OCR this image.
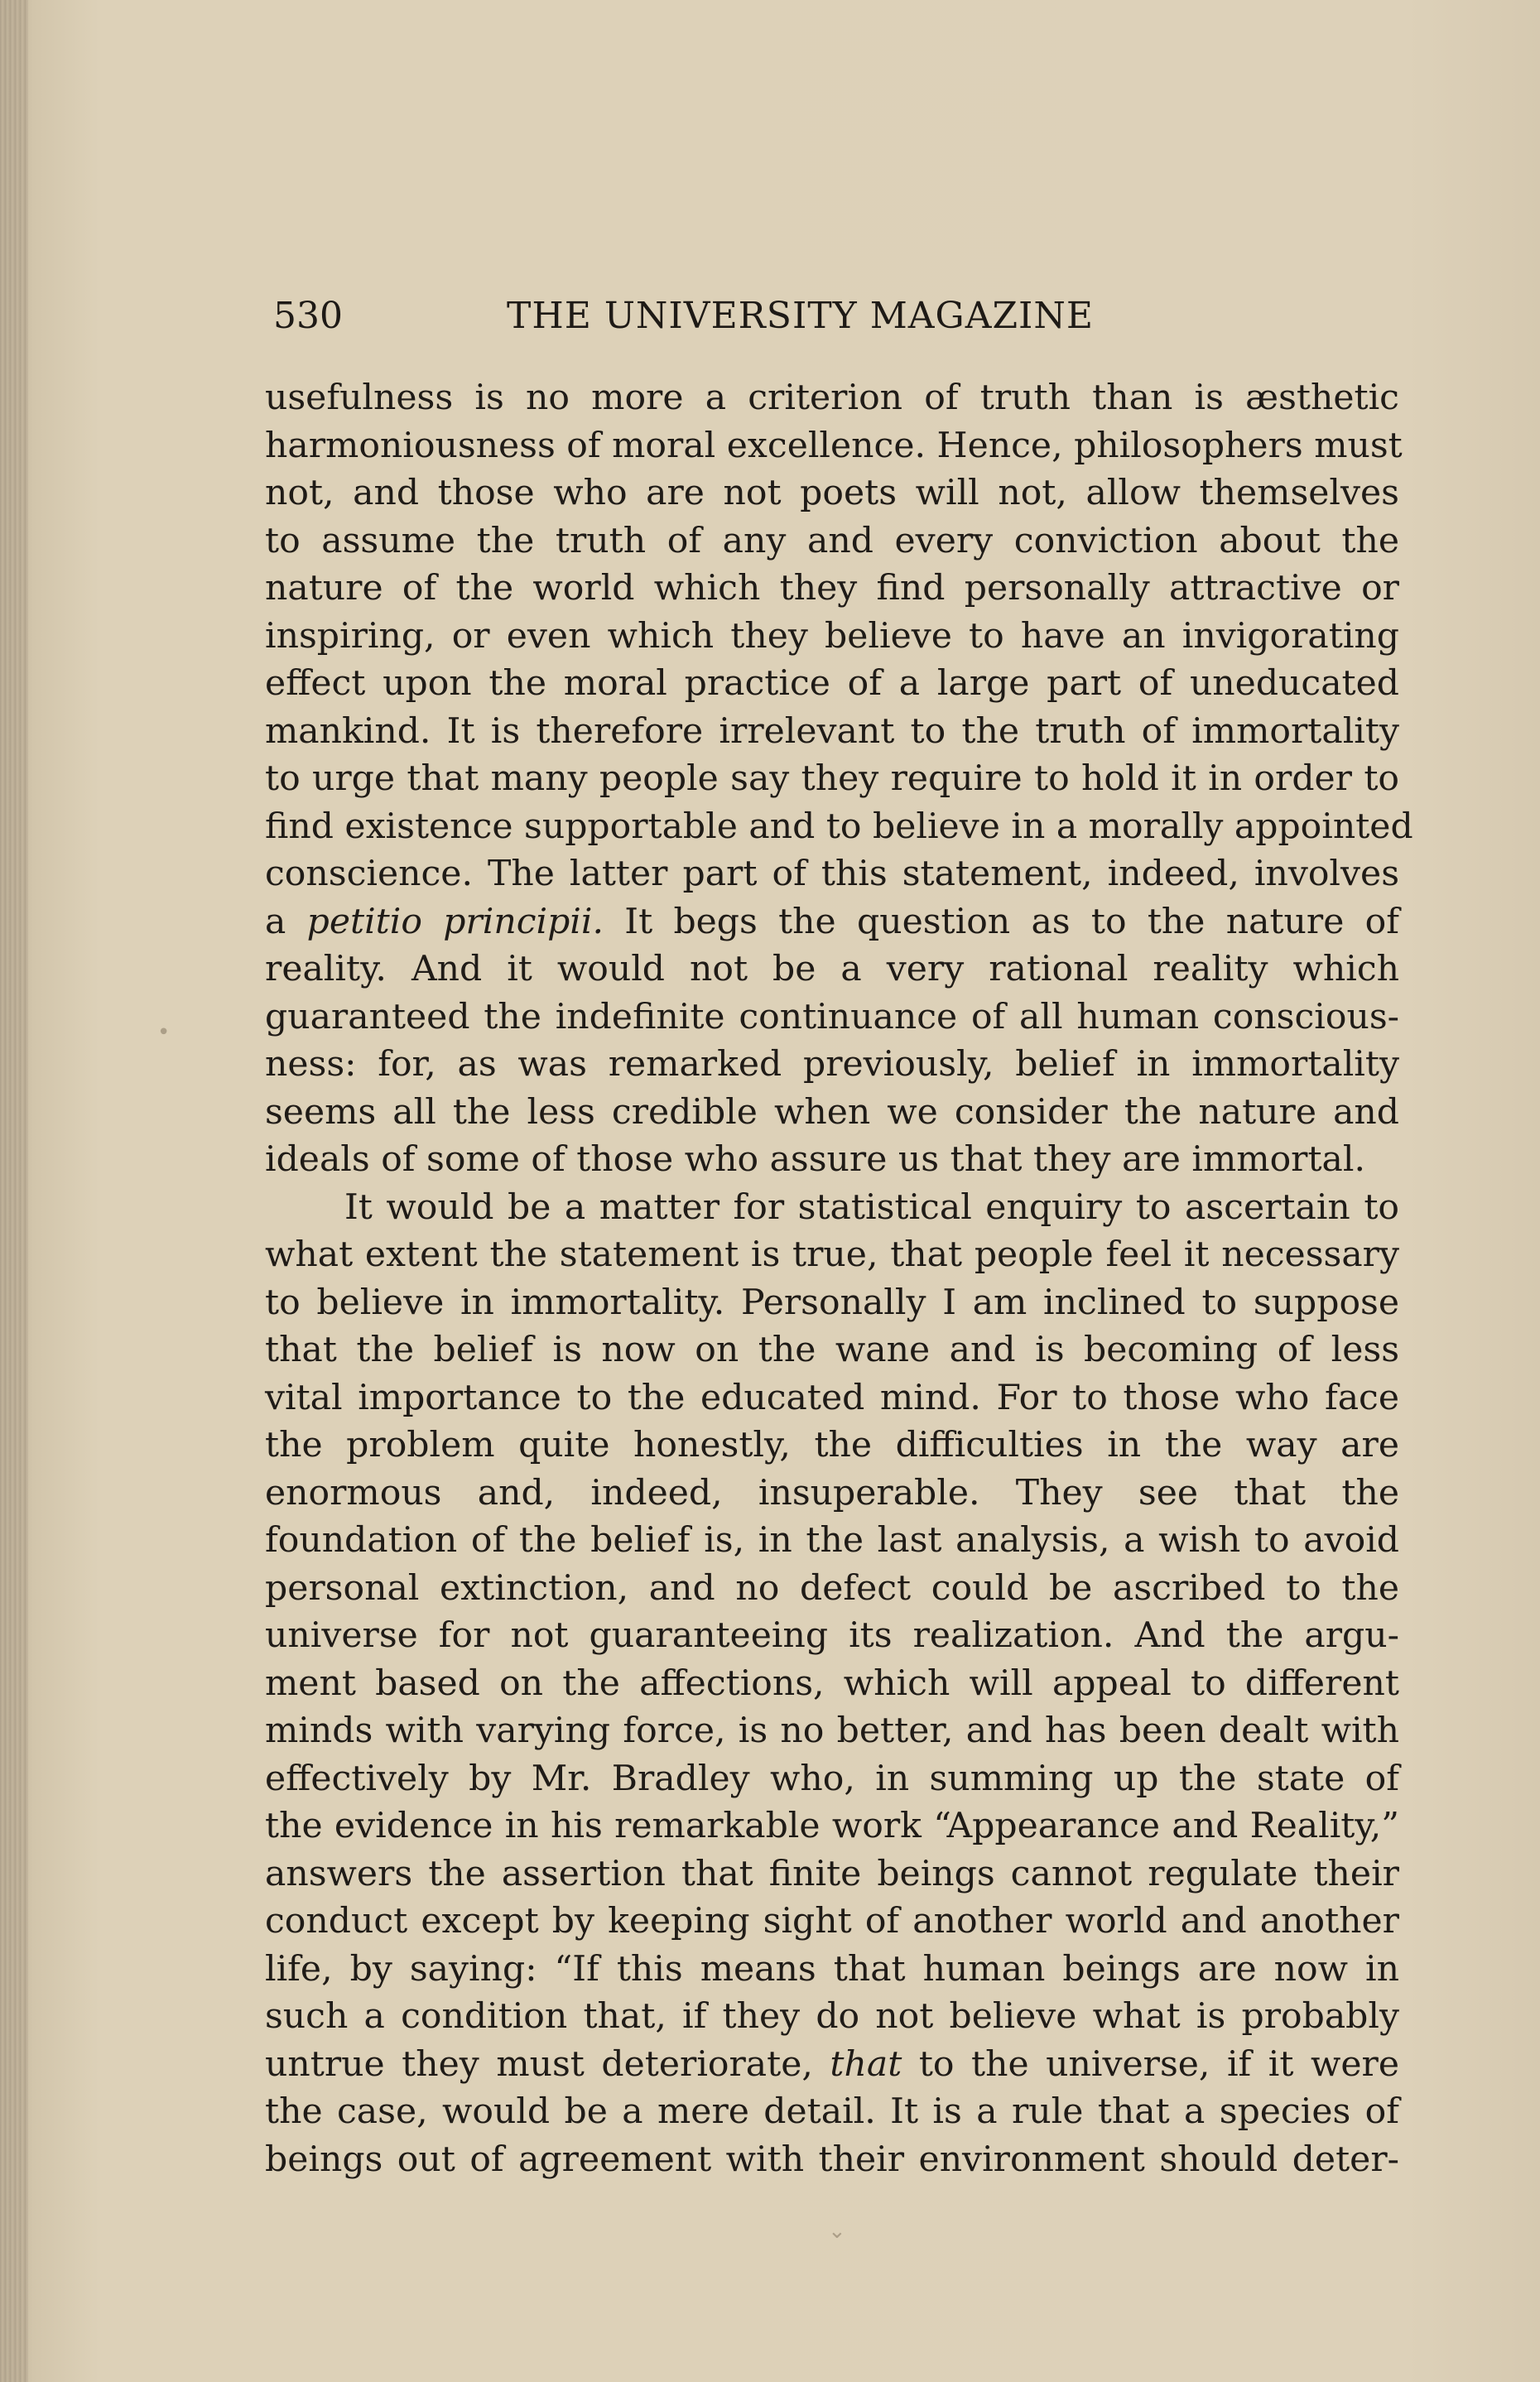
530	THE UNIVERSITY MAGAZINE
usefulness is no more a criterion of truth than is æsthetic
harmoniousness of moral excellence. Hence, philosophers must
not, and those who are not poets will not, allow themselves
to assume the truth of any and every conviction about the
nature of the world which they find personally attractive or
inspiring, or even which they believe to have an invigorating
effect upon the moral practice of a large part of uneducated
mankind. It is therefore irrelevant to the truth of immortality
to urge that many people say they require to hold it in order to
find existence supportable and to believe in a morally appointed
conscience. The latter part of this statement, indeed, involves
a petitio principii. It begs the question as to the nature of
reality. And it would not be a very rational reality which
guaranteed the indefinite continuance of all human conscious-
ness: for, as was remarked previously, belief in immortality
seems all the less credible when we consider the nature and
ideals of some of those who assure us that they are immortal.
It would be a matter for statistical enquiry to ascertain to
what extent the statement is true, that people feel it necessary
to believe in immortality. Personally I am inclined to suppose
that the belief is now on the wane and is becoming of less
vital importance to the educated mind. For to those who face
the problem quite honestly, the difficulties in the way are
enormous and, indeed, insuperable. They see that the
foundation of the belief is, in the last analysis, a wish to avoid
personal extinction, and no defect could be ascribed to the
universe for not guaranteeing its realization. And the argu-
ment based on the affections, which will appeal to different
minds with varying force, is no better, and has been dealt with
effectively by Mr. Bradley who, in summing up the state of
the evidence in his remarkable work “Appearance and Reality,”
answers the assertion that finite beings cannot regulate their
conduct except by keeping sight of another world and another
life, by saying: “If this means that human beings are now in
such a condition that, if they do not believe what is probably
untrue they must deteriorate, that to the universe, if it were
the case, would be a mere detail. It is a rule that a species of
beings out of agreement with their environment should deter-
•
⌄
